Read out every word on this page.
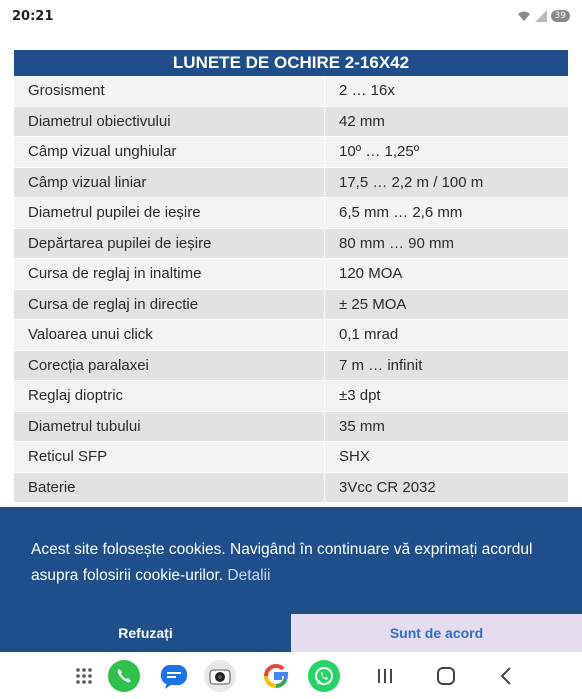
20:21	39
LUNETE DE OCHIRE 2-16X42
Grosisment	2 … 16x
Diametrul obiectivului	42 mm
Câmp vizual unghiular	10º … 1,25º
Câmp vizual liniar	17,5 … 2,2 m / 100 m
Diametrul pupilei de ieșire	6,5 mm … 2,6 mm
Depărtarea pupilei de ieșire	80 mm … 90 mm
Cursa de reglaj in inaltime	120 MOA
Cursa de reglaj in directie	± 25 MOA
Valoarea unui click	0,1 mrad
Corecția paralaxei	7 m … infinit
Reglaj dioptric	±3 dpt
Diametrul tubului	35 mm
Reticul SFP	SHX
Baterie	3Vcc CR 2032

Acest site folosește cookies. Navigând în continuare vă exprimați acordul asupra folosirii cookie-urilor. Detalii

Refuzați	Sunt de acord
